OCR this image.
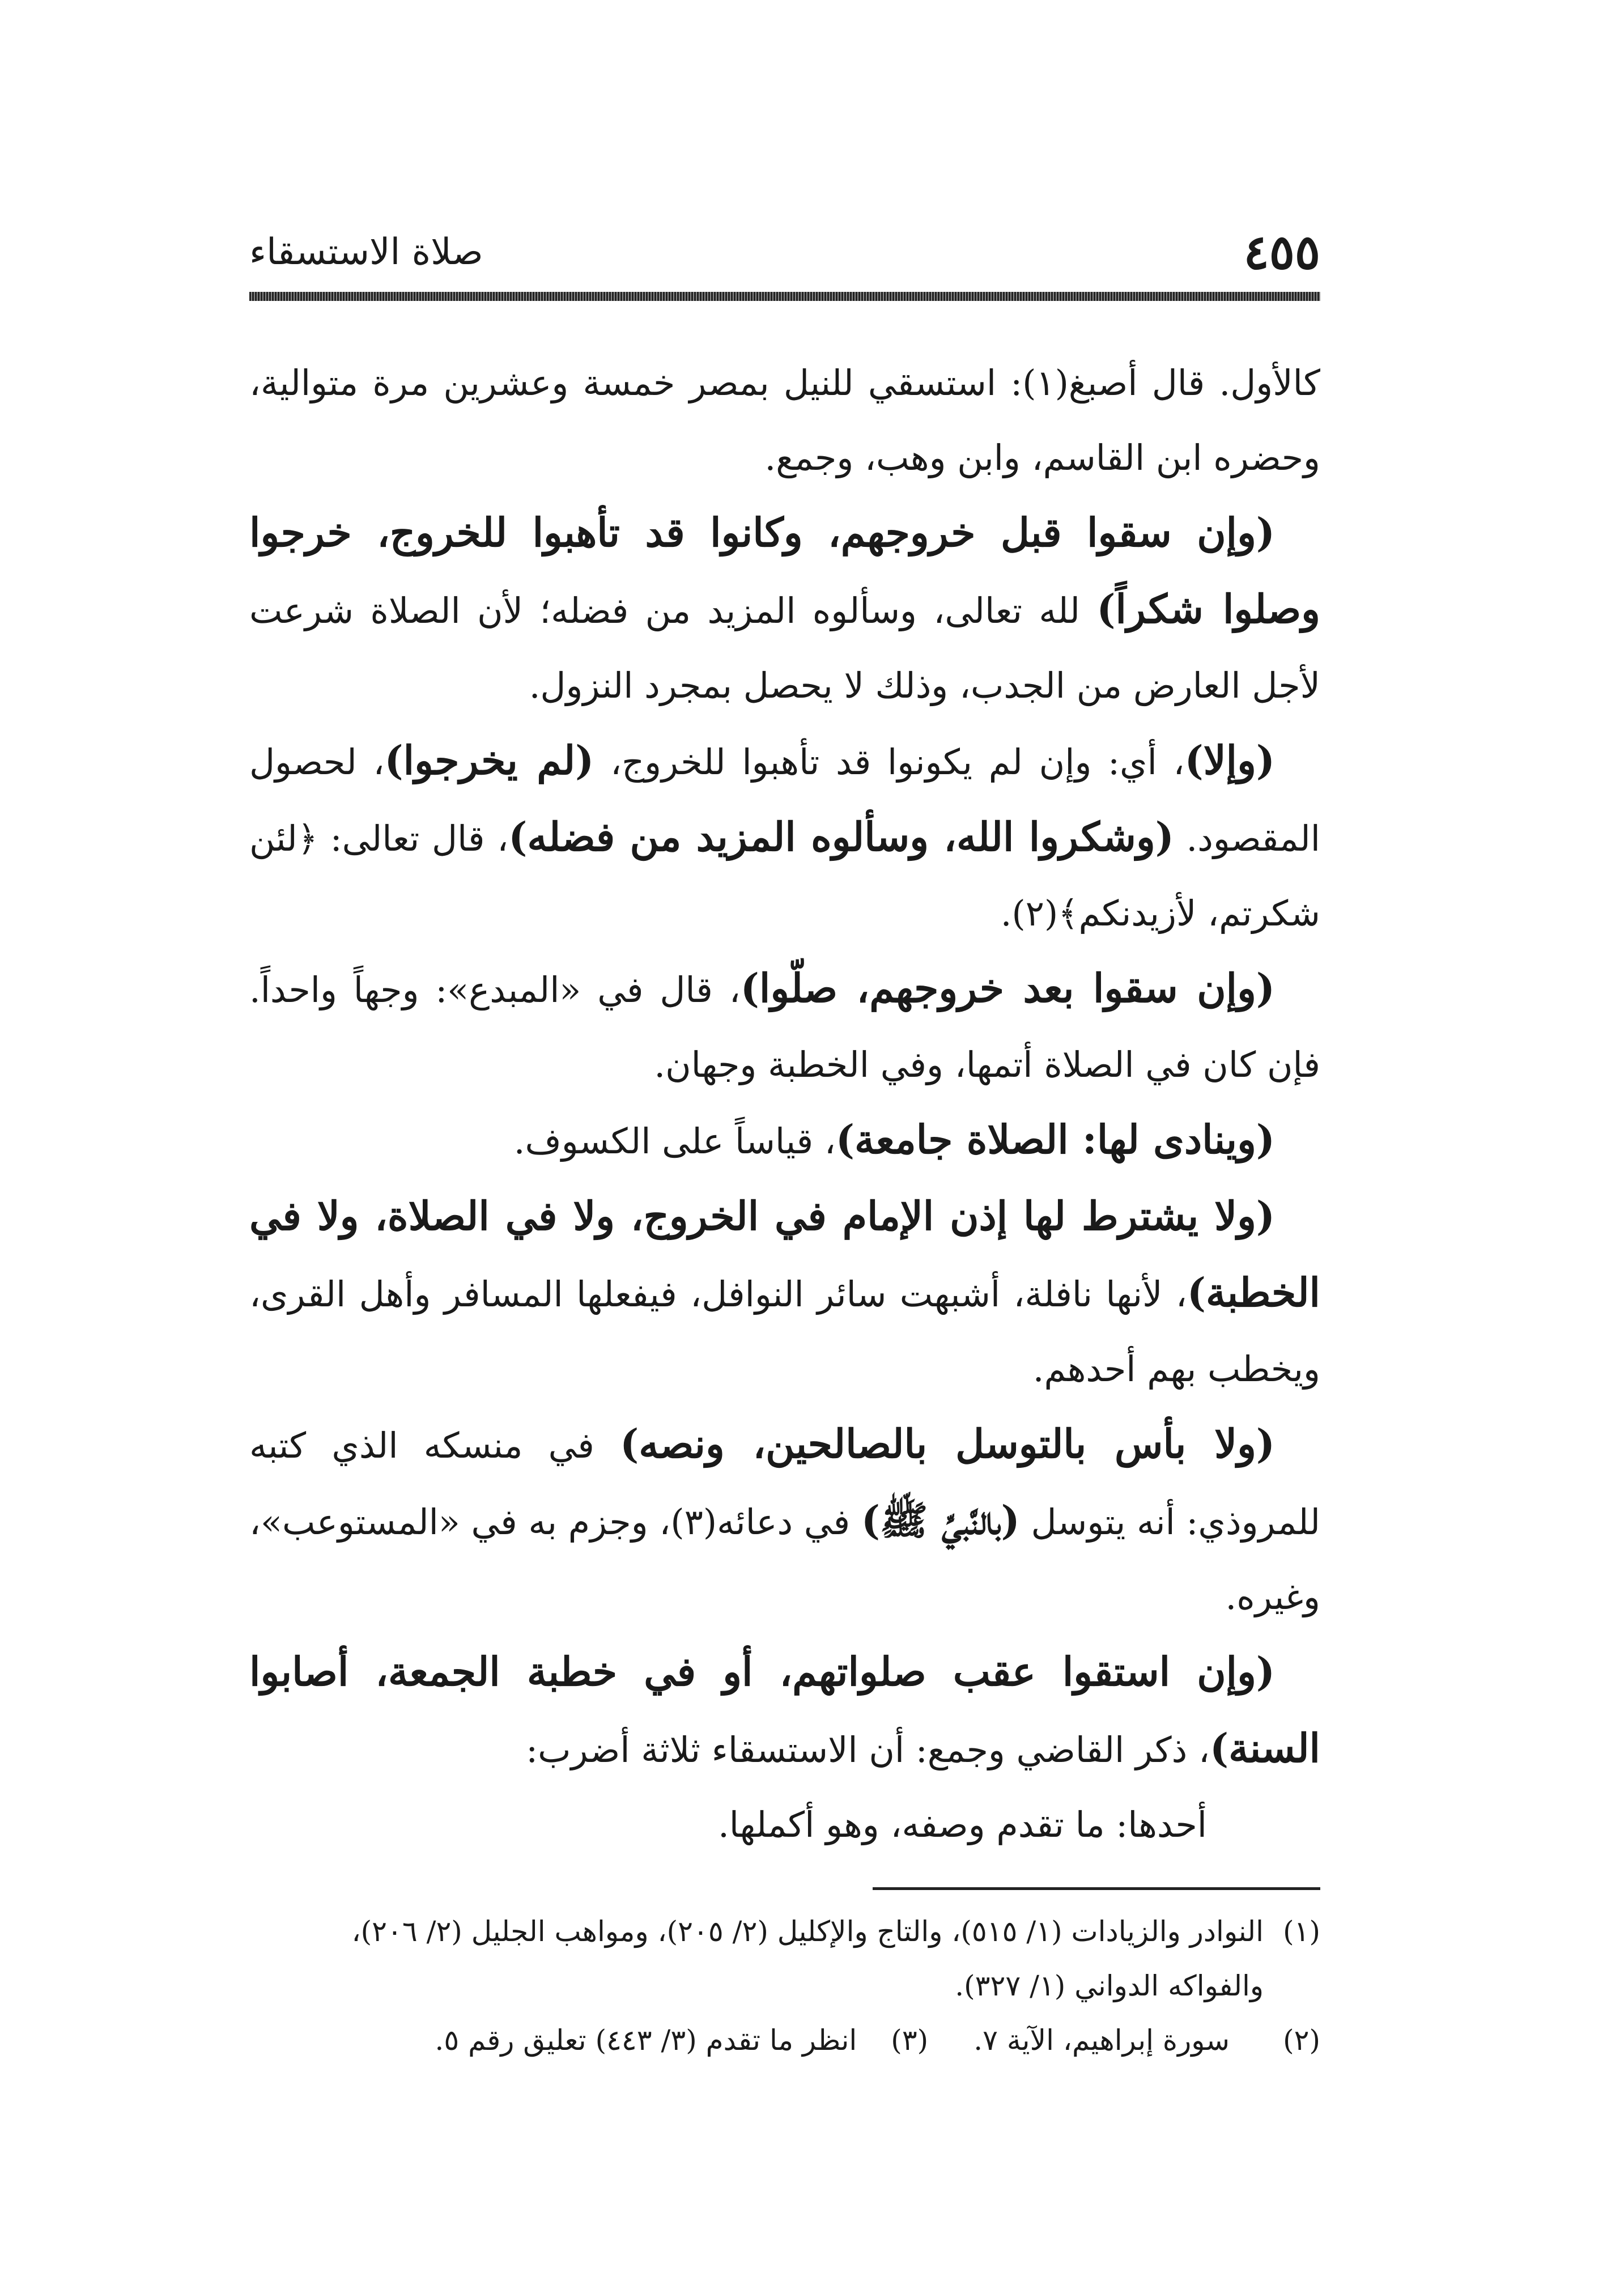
٤٥٥
صلاة الاستسقاء

كالأول. قال أصبغ(١): استسقي للنيل بمصر خمسة وعشرين مرة متوالية، وحضره ابن القاسم، وابن وهب، وجمع.

(وإن سقوا قبل خروجهم، وكانوا قد تأهبوا للخروج، خرجوا وصلوا شكراً) لله تعالى، وسألوه المزيد من فضله؛ لأن الصلاة شرعت لأجل العارض من الجدب، وذلك لا يحصل بمجرد النزول.

(وإلا)، أي: وإن لم يكونوا قد تأهبوا للخروج، (لم يخرجوا)، لحصول المقصود. (وشكروا الله، وسألوه المزيد من فضله)، قال تعالى: ﴿لئن شكرتم، لأزيدنكم﴾(٢).

(وإن سقوا بعد خروجهم، صلّوا)، قال في «المبدع»: وجهاً واحداً. فإن كان في الصلاة أتمها، وفي الخطبة وجهان.

(وينادى لها: الصلاة جامعة)، قياساً على الكسوف.

(ولا يشترط لها إذن الإمام في الخروج، ولا في الصلاة، ولا في الخطبة)، لأنها نافلة، أشبهت سائر النوافل، فيفعلها المسافر وأهل القرى، ويخطب بهم أحدهم.

(ولا بأس بالتوسل بالصالحين، ونصه) في منسكه الذي كتبه للمروذي: أنه يتوسل (بالنَّبيِّ ﷺ) في دعائه(٣)، وجزم به في «المستوعب»، وغيره.

(وإن استقوا عقب صلواتهم، أو في خطبة الجمعة، أصابوا السنة)، ذكر القاضي وجمع: أن الاستسقاء ثلاثة أضرب:

أحدها: ما تقدم وصفه، وهو أكملها.

(١)
النوادر والزيادات (١/ ٥١٥)، والتاج والإكليل (٢/ ٢٠٥)، ومواهب الجليل (٢/ ٢٠٦)، والفواكه الدواني (١/ ٣٢٧).
(٢)
سورة إبراهيم، الآية ٧.
(٣)
انظر ما تقدم (٣/ ٤٤٣) تعليق رقم ٥.
